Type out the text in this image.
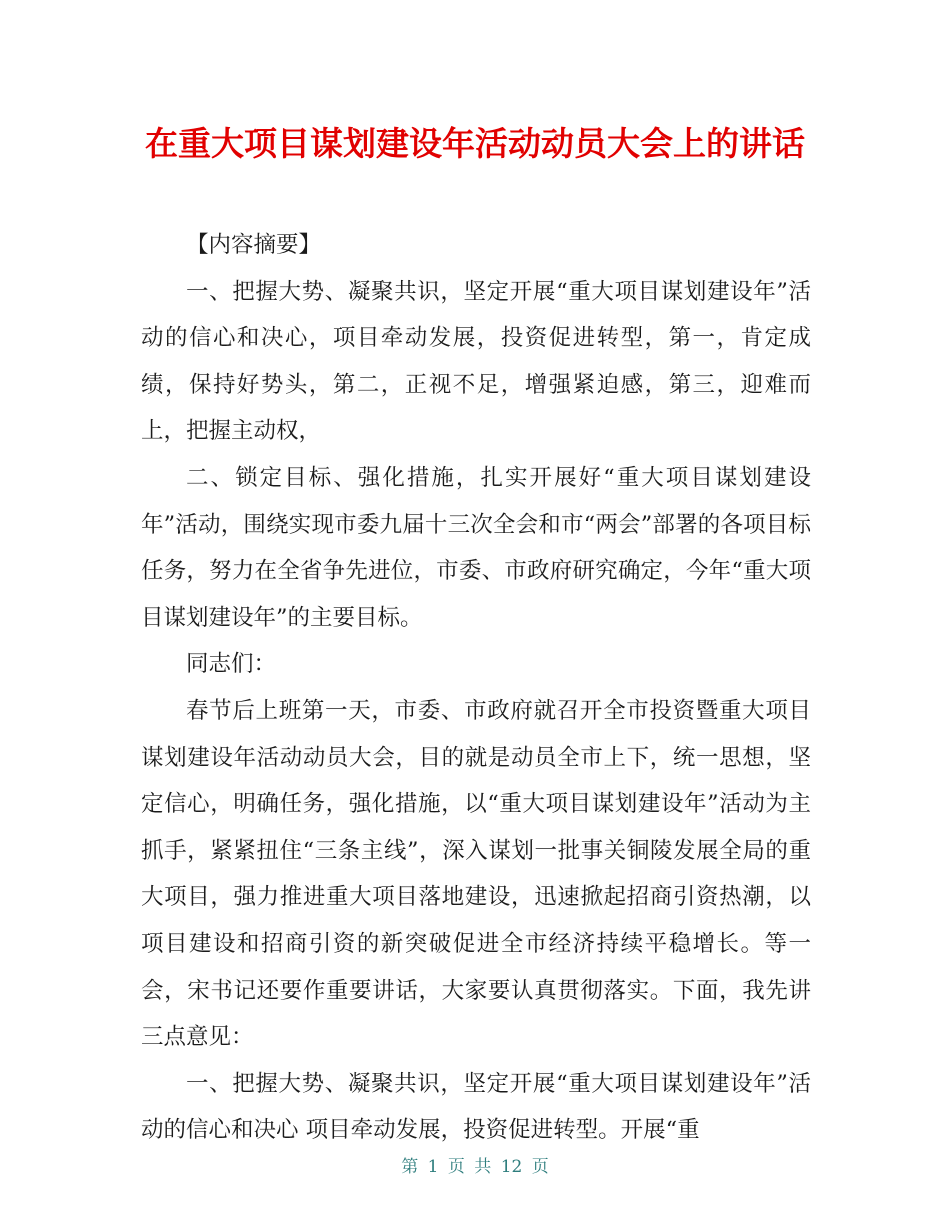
在重大项目谋划建设年活动动员大会上的讲话

【内容摘要】

一、把握大势、凝聚共识，坚定开展“重大项目谋划建设年”活动的信心和决心，项目牵动发展，投资促进转型，第一，肯定成绩，保持好势头，第二，正视不足，增强紧迫感，第三，迎难而上，把握主动权，

二、锁定目标、强化措施，扎实开展好“重大项目谋划建设年”活动，围绕实现市委九届十三次全会和市“两会”部署的各项目标任务，努力在全省争先进位，市委、市政府研究确定，今年“重大项目谋划建设年”的主要目标。

同志们：

春节后上班第一天，市委、市政府就召开全市投资暨重大项目谋划建设年活动动员大会，目的就是动员全市上下，统一思想，坚定信心，明确任务，强化措施，以“重大项目谋划建设年”活动为主抓手，紧紧扭住“三条主线”，深入谋划一批事关铜陵发展全局的重大项目，强力推进重大项目落地建设，迅速掀起招商引资热潮，以项目建设和招商引资的新突破促进全市经济持续平稳增长。等一会，宋书记还要作重要讲话，大家要认真贯彻落实。下面，我先讲三点意见：

一、把握大势、凝聚共识，坚定开展“重大项目谋划建设年”活动的信心和决心 项目牵动发展，投资促进转型。开展“重

第 1 页 共 12 页
